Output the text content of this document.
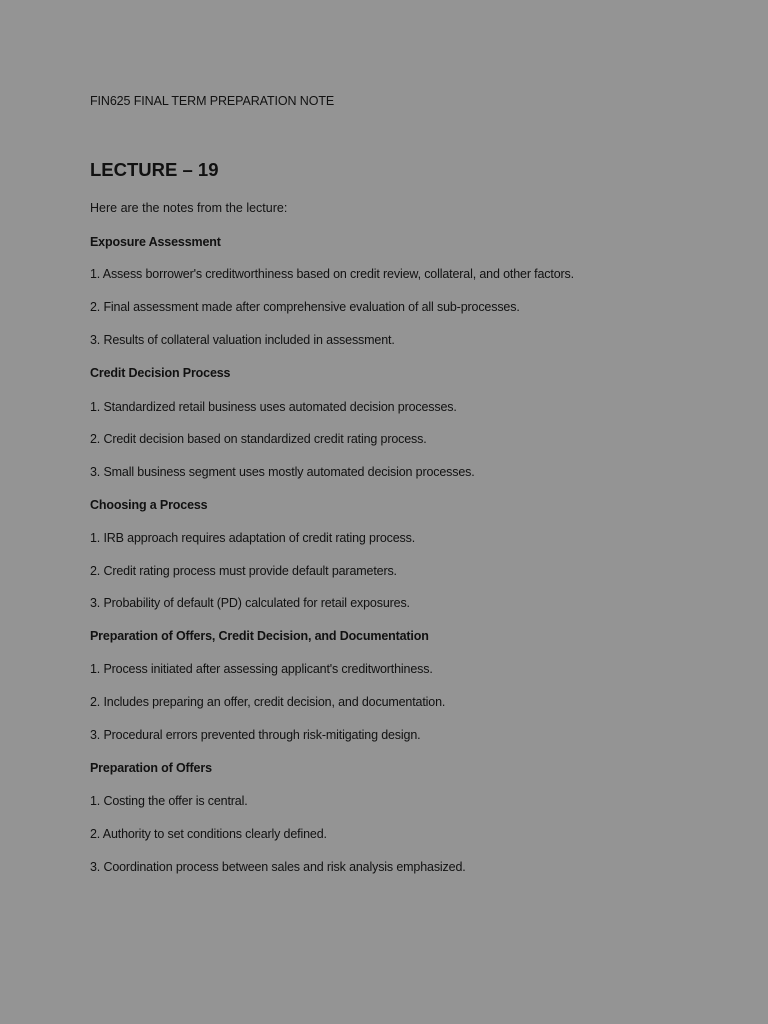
FIN625 FINAL TERM PREPARATION NOTE
LECTURE – 19
Here are the notes from the lecture:
Exposure Assessment
1. Assess borrower's creditworthiness based on credit review, collateral, and other factors.
2. Final assessment made after comprehensive evaluation of all sub-processes.
3. Results of collateral valuation included in assessment.
Credit Decision Process
1. Standardized retail business uses automated decision processes.
2. Credit decision based on standardized credit rating process.
3. Small business segment uses mostly automated decision processes.
Choosing a Process
1. IRB approach requires adaptation of credit rating process.
2. Credit rating process must provide default parameters.
3. Probability of default (PD) calculated for retail exposures.
Preparation of Offers, Credit Decision, and Documentation
1. Process initiated after assessing applicant's creditworthiness.
2. Includes preparing an offer, credit decision, and documentation.
3. Procedural errors prevented through risk-mitigating design.
Preparation of Offers
1. Costing the offer is central.
2. Authority to set conditions clearly defined.
3. Coordination process between sales and risk analysis emphasized.
